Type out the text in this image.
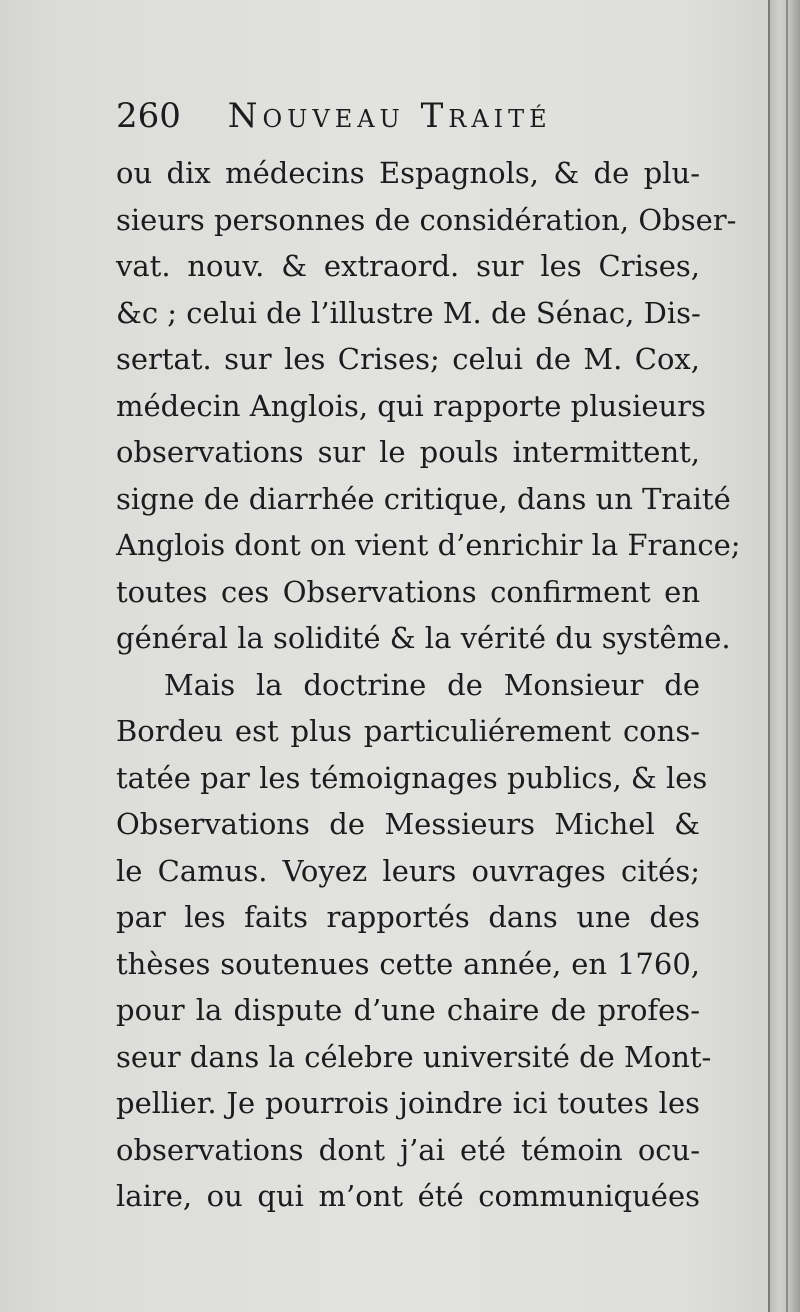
260 Nouveau Traité
ou dix médecins Espagnols, & de plu-
sieurs personnes de considération, Obser-
vat. nouv. & extraord. sur les Crises,
&c ; celui de l’illustre M. de Sénac, Dis-
sertat. sur les Crises; celui de M. Cox,
médecin Anglois, qui rapporte plusieurs
observations sur le pouls intermittent,
signe de diarrhée critique, dans un Traité
Anglois dont on vient d’enrichir la France;
toutes ces Observations confirment en
général la solidité & la vérité du systême.
Mais la doctrine de Monsieur de
Bordeu est plus particuliérement cons-
tatée par les témoignages publics, & les
Observations de Messieurs Michel &
le Camus. Voyez leurs ouvrages cités;
par les faits rapportés dans une des
thèses soutenues cette année, en 1760,
pour la dispute d’une chaire de profes-
seur dans la célebre université de Mont-
pellier. Je pourrois joindre ici toutes les
observations dont j’ai eté témoin ocu-
laire, ou qui m’ont été communiquées
